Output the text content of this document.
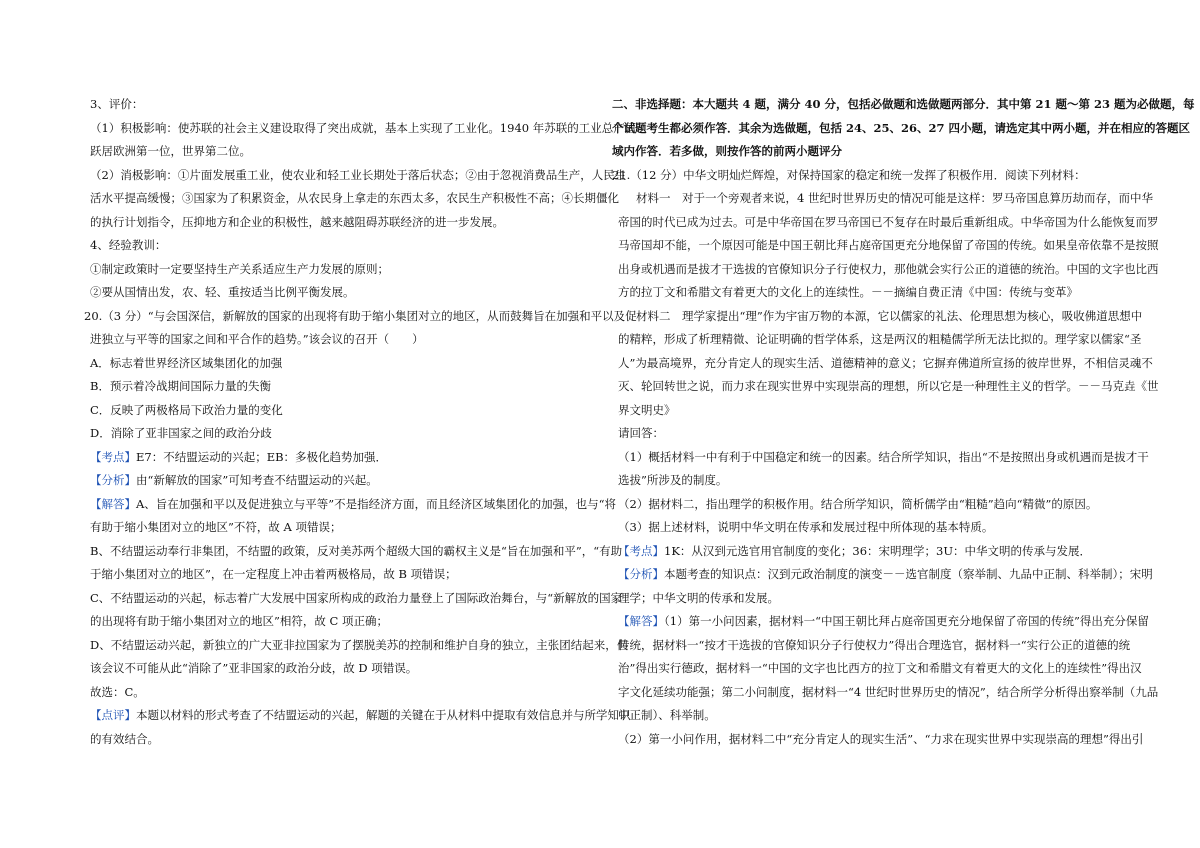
3、评价：
（1）积极影响：使苏联的社会主义建设取得了突出成就，基本上实现了工业化。1940 年苏联的工业总产值
跃居欧洲第一位，世界第二位。
（2）消极影响：①片面发展重工业，使农业和轻工业长期处于落后状态；②由于忽视消费品生产，人民生
活水平提高缓慢；③国家为了积累资金，从农民身上拿走的东西太多，农民生产积极性不高；④长期僵化
的执行计划指令，压抑地方和企业的积极性，越来越阻碍苏联经济的进一步发展。
4、经验教训：
①制定政策时一定要坚持生产关系适应生产力发展的原则；
②要从国情出发，农、轻、重按适当比例平衡发展。
20.（3 分）“与会国深信，新解放的国家的出现将有助于缩小集团对立的地区，从而鼓舞旨在加强和平以及促
进独立与平等的国家之间和平合作的趋势。”该会议的召开（　　）
A．标志着世界经济区域集团化的加强
B．预示着冷战期间国际力量的失衡
C．反映了两极格局下政治力量的变化
D．消除了亚非国家之间的政治分歧
【考点】E7：不结盟运动的兴起；EB：多极化趋势加强．
【分析】由“新解放的国家”可知考查不结盟运动的兴起。
【解答】A、旨在加强和平以及促进独立与平等”不是指经济方面，而且经济区域集团化的加强，也与“将
有助于缩小集团对立的地区”不符，故 A 项错误；
B、不结盟运动奉行非集团，不结盟的政策，反对美苏两个超级大国的霸权主义是“旨在加强和平”，“有助
于缩小集团对立的地区”，在一定程度上冲击着两极格局，故 B 项错误；
C、不结盟运动的兴起，标志着广大发展中国家所构成的政治力量登上了国际政治舞台，与“新解放的国家
的出现将有助于缩小集团对立的地区”相符，故 C 项正确；
D、不结盟运动兴起，新独立的广大亚非拉国家为了摆脱美苏的控制和维护自身的独立，主张团结起来，但
该会议不可能从此“消除了”亚非国家的政治分歧，故 D 项错误。
故选：C。
【点评】本题以材料的形式考查了不结盟运动的兴起，解题的关键在于从材料中提取有效信息并与所学知识
的有效结合。
二、非选择题：本大题共 4 题，满分 40 分，包括必做题和选做题两部分．其中第 21 题～第 23 题为必做题，每
个试题考生都必须作答．其余为选做题，包括 24、25、26、27 四小题，请选定其中两小题，并在相应的答题区
域内作答．若多做，则按作答的前两小题评分
21.（12 分）中华文明灿烂辉煌，对保持国家的稳定和统一发挥了积极作用．阅读下列材料：
材料一　对于一个旁观者来说，4 世纪时世界历史的情况可能是这样：罗马帝国息算历劫而存，而中华
帝国的时代已成为过去。可是中华帝国在罗马帝国已不复存在时最后重新组成。中华帝国为什么能恢复而罗
马帝国却不能，一个原因可能是中国王朝比拜占庭帝国更充分地保留了帝国的传统。如果皇帝依靠不是按照
出身或机遇而是拔才干选拔的官僚知识分子行使权力，那他就会实行公正的道德的统治。中国的文字也比西
方的拉丁文和希腊文有着更大的文化上的连续性。－－摘编自费正清《中国：传统与变革》
材料二　理学家提出“理”作为宇宙万物的本源，它以儒家的礼法、伦理思想为核心，吸收佛道思想中
的精粹，形成了析理精微、论证明确的哲学体系，这是两汉的粗糙儒学所无法比拟的。理学家以儒家“圣
人”为最高境界，充分肯定人的现实生活、道德精神的意义；它摒弃佛道所宣扬的彼岸世界，不相信灵魂不
灭、轮回转世之说，而力求在现实世界中实现崇高的理想，所以它是一种理性主义的哲学。－－马克垚《世
界文明史》
请回答：
（1）概括材料一中有利于中国稳定和统一的因素。结合所学知识，指出“不是按照出身或机遇而是拔才干
选拔”所涉及的制度。
（2）据材料二，指出理学的积极作用。结合所学知识，简析儒学由“粗糙”趋向“精微”的原因。
（3）据上述材料，说明中华文明在传承和发展过程中所体现的基本特质。
【考点】1K：从汉到元选官用官制度的变化；36：宋明理学；3U：中华文明的传承与发展．
【分析】本题考查的知识点：汉到元政治制度的演变－－选官制度（察举制、九品中正制、科举制）；宋明
理学；中华文明的传承和发展。
【解答】（1）第一小问因素，据材料一“中国王朝比拜占庭帝国更充分地保留了帝国的传统”得出充分保留
传统，据材料一“按才干选拔的官僚知识分子行使权力”得出合理选官，据材料一“实行公正的道德的统
治”得出实行德政，据材料一“中国的文字也比西方的拉丁文和希腊文有着更大的文化上的连续性”得出汉
字文化延续功能强；第二小问制度，据材料一“4 世纪时世界历史的情况”，结合所学分析得出察举制（九品
中正制）、科举制。
（2）第一小问作用，据材料二中“充分肯定人的现实生活”、“力求在现实世界中实现崇高的理想”得出引
